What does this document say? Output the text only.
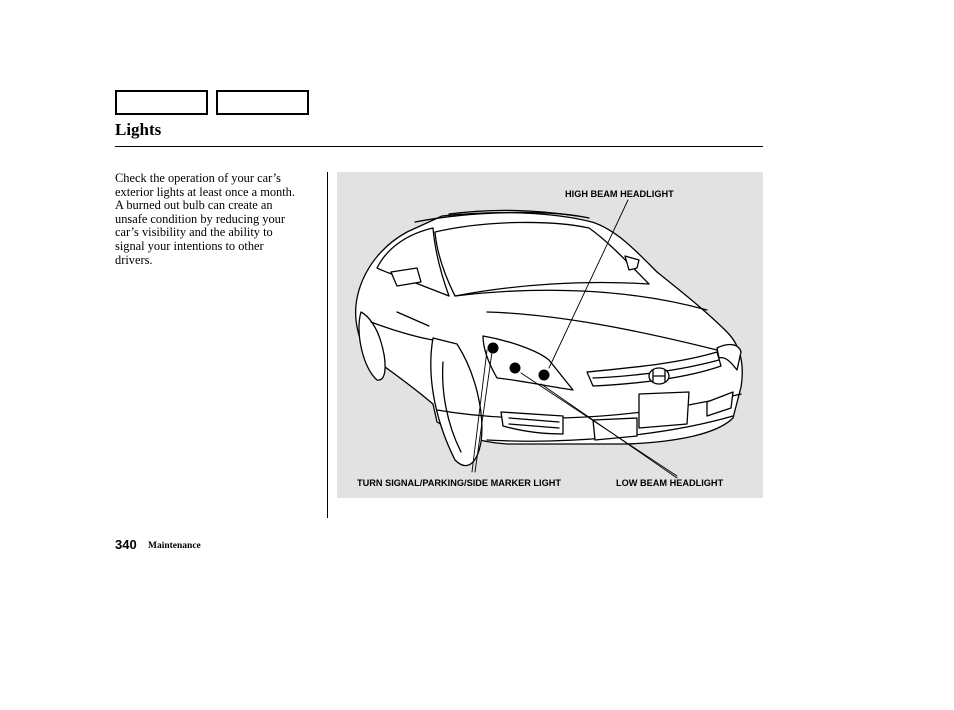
Lights
Check the operation of your car’s
exterior lights at least once a month.
A burned out bulb can create an
unsafe condition by reducing your
car’s visibility and the ability to
signal your intentions to other
drivers.
HIGH BEAM HEADLIGHT
TURN SIGNAL/PARKING/SIDE MARKER LIGHT	LOW BEAM HEADLIGHT
340 Maintenance
